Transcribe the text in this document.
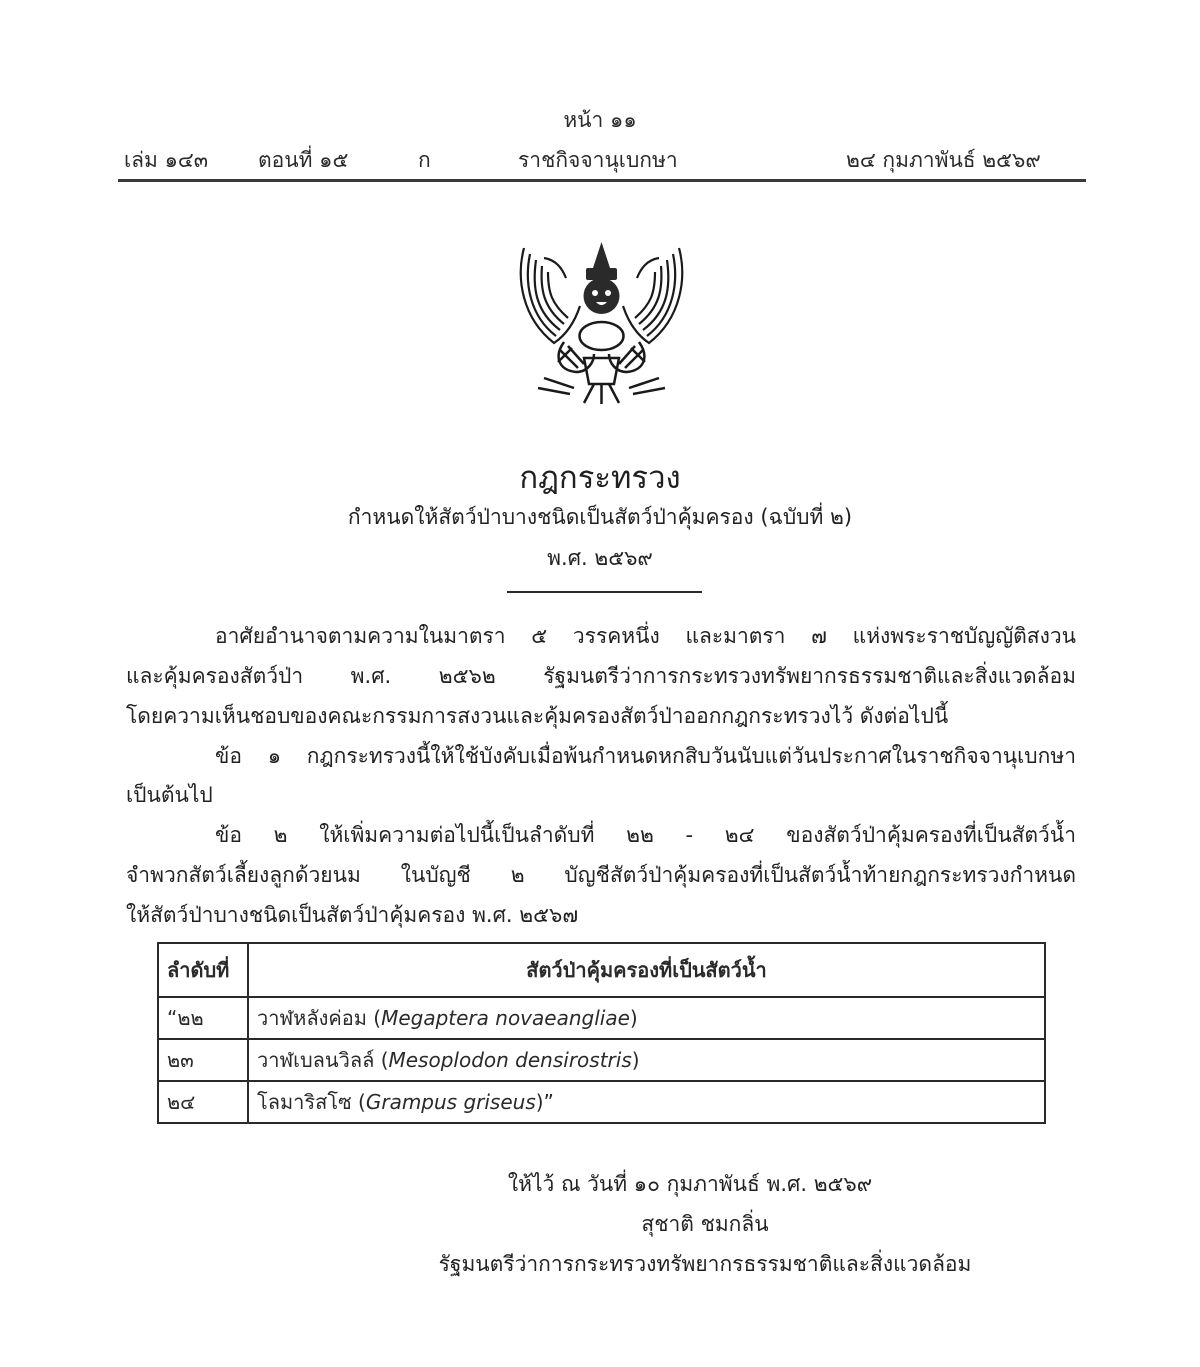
หน้า ๑๑
เล่ม ๑๔๓ ตอนที่ ๑๕	ก	ราชกิจจานุเบกษา	๒๔ กุมภาพันธ์ ๒๕๖๙
กฎกระทรวง
กำหนดให้สัตว์ป่าบางชนิดเป็นสัตว์ป่าคุ้มครอง (ฉบับที่ ๒)
พ.ศ. ๒๕๖๙
อาศัยอำนาจตามความในมาตรา ๕ วรรคหนึ่ง และมาตรา ๗ แห่งพระราชบัญญัติสงวน
และคุ้มครองสัตว์ป่า พ.ศ. ๒๕๖๒ รัฐมนตรีว่าการกระทรวงทรัพยากรธรรมชาติและสิ่งแวดล้อม
โดยความเห็นชอบของคณะกรรมการสงวนและคุ้มครองสัตว์ป่าออกกฎกระทรวงไว้ ดังต่อไปนี้
ข้อ ๑ กฎกระทรวงนี้ให้ใช้บังคับเมื่อพ้นกำหนดหกสิบวันนับแต่วันประกาศในราชกิจจานุเบกษา
เป็นต้นไป
ข้อ ๒ ให้เพิ่มความต่อไปนี้เป็นลำดับที่ ๒๒ - ๒๔ ของสัตว์ป่าคุ้มครองที่เป็นสัตว์น้ำ
จำพวกสัตว์เลี้ยงลูกด้วยนม ในบัญชี ๒ บัญชีสัตว์ป่าคุ้มครองที่เป็นสัตว์น้ำท้ายกฎกระทรวงกำหนด
ให้สัตว์ป่าบางชนิดเป็นสัตว์ป่าคุ้มครอง พ.ศ. ๒๕๖๗
ลำดับที่	สัตว์ป่าคุ้มครองที่เป็นสัตว์น้ำ
“๒๒	วาฬหลังค่อม (Megaptera novaeangliae)
๒๓	วาฬเบลนวิลล์ (Mesoplodon densirostris)
๒๔	โลมาริสโซ (Grampus griseus)”
ให้ไว้ ณ วันที่ ๑๐ กุมภาพันธ์ พ.ศ. ๒๕๖๙
สุชาติ ชมกลิ่น
รัฐมนตรีว่าการกระทรวงทรัพยากรธรรมชาติและสิ่งแวดล้อม
